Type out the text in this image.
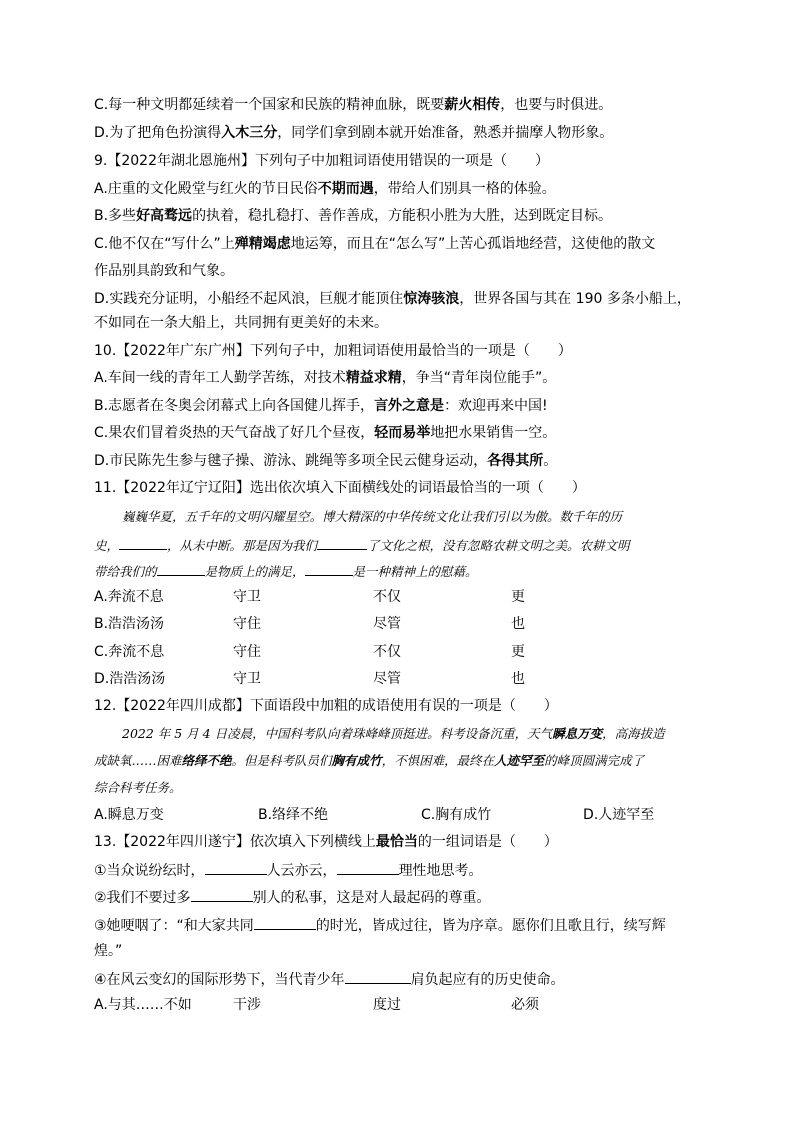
C.每一种文明都延续着一个国家和民族的精神血脉，既要薪火相传，也要与时俱进。
D.为了把角色扮演得入木三分，同学们拿到剧本就开始准备，熟悉并揣摩人物形象。
9.【2022年湖北恩施州】下列句子中加粗词语使用错误的一项是（ ）
A.庄重的文化殿堂与红火的节日民俗不期而遇，带给人们别具一格的体验。
B.多些好高骛远的执着，稳扎稳打、善作善成，方能积小胜为大胜，达到既定目标。
C.他不仅在“写什么”上殚精竭虑地运筹，而且在“怎么写”上苦心孤诣地经营，这使他的散文
作品别具韵致和气象。
D.实践充分证明，小船经不起风浪，巨舰才能顶住惊涛骇浪，世界各国与其在 190 多条小船上，
不如同在一条大船上，共同拥有更美好的未来。
10.【2022年广东广州】下列句子中，加粗词语使用最恰当的一项是（ ）
A.车间一线的青年工人勤学苦练，对技术精益求精，争当“青年岗位能手”。
B.志愿者在冬奥会闭幕式上向各国健儿挥手，言外之意是：欢迎再来中国!
C.果农们冒着炎热的天气奋战了好几个昼夜，轻而易举地把水果销售一空。
D.市民陈先生参与毽子操、游泳、跳绳等多项全民云健身运动，各得其所。
11.【2022年辽宁辽阳】选出依次填入下面横线处的词语最恰当的一项（ ）
巍巍华夏，五千年的文明闪耀星空。博大精深的中华传统文化让我们引以为傲。数千年的历
史，	，从未中断。那是因为我们	了文化之根，没有忽略农耕文明之美。农耕文明
带给我们的	是物质上的满足，	是一种精神上的慰藉。
A.奔流不息	守卫	不仅	更
B.浩浩汤汤	守住	尽管	也
C.奔流不息	守住	不仅	更
D.浩浩汤汤	守卫	尽管	也
12.【2022年四川成都】下面语段中加粗的成语使用有误的一项是（ ）
2022 年 5 月 4 日凌晨，中国科考队向着珠峰峰顶挺进。科考设备沉重，天气瞬息万变，高海拔造
成缺氧……困难络绎不绝。但是科考队员们胸有成竹，不惧困难，最终在人迹罕至的峰顶圆满完成了
综合科考任务。
A.瞬息万变	B.络绎不绝	C.胸有成竹	D.人迹罕至
13.【2022年四川遂宁】依次填入下列横线上最恰当的一组词语是（ ）
①当众说纷纭时，	人云亦云，	理性地思考。
②我们不要过多	别人的私事，这是对人最起码的尊重。
③她哽咽了：“和大家共同	的时光，皆成过往，皆为序章。愿你们且歌且行，续写辉
煌。”
④在风云变幻的国际形势下，当代青少年	肩负起应有的历史使命。
A.与其……不如	干涉	度过	必须
